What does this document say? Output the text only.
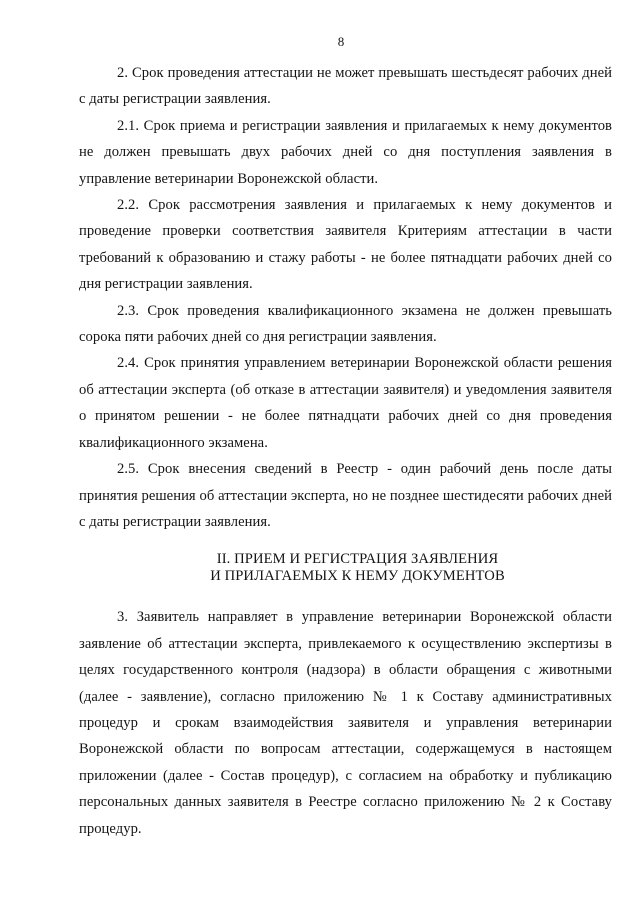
8

2. Срок проведения аттестации не может превышать шестьдесят рабочих дней с даты регистрации заявления.

2.1. Срок приема и регистрации заявления и прилагаемых к нему документов не должен превышать двух рабочих дней со дня поступления заявления в управление ветеринарии Воронежской области.

2.2. Срок рассмотрения заявления и прилагаемых к нему документов и проведение проверки соответствия заявителя Критериям аттестации в части требований к образованию и стажу работы - не более пятнадцати рабочих дней со дня регистрации заявления.

2.3. Срок проведения квалификационного экзамена не должен превышать сорока пяти рабочих дней со дня регистрации заявления.

2.4. Срок принятия управлением ветеринарии Воронежской области решения об аттестации эксперта (об отказе в аттестации заявителя) и уведомления заявителя о принятом решении - не более пятнадцати рабочих дней со дня проведения квалификационного экзамена.

2.5. Срок внесения сведений в Реестр - один рабочий день после даты принятия решения об аттестации эксперта, но не позднее шестидесяти рабочих дней с даты регистрации заявления.

II. ПРИЕМ И РЕГИСТРАЦИЯ ЗАЯВЛЕНИЯ
И ПРИЛАГАЕМЫХ К НЕМУ ДОКУМЕНТОВ

3. Заявитель направляет в управление ветеринарии Воронежской области заявление об аттестации эксперта, привлекаемого к осуществлению экспертизы в целях государственного контроля (надзора) в области обращения с животными (далее - заявление), согласно приложению № 1 к Составу административных процедур и срокам взаимодействия заявителя и управления ветеринарии Воронежской области по вопросам аттестации, содержащемуся в настоящем приложении (далее - Состав процедур), с согласием на обработку и публикацию персональных данных заявителя в Реестре согласно приложению № 2 к Составу процедур.
